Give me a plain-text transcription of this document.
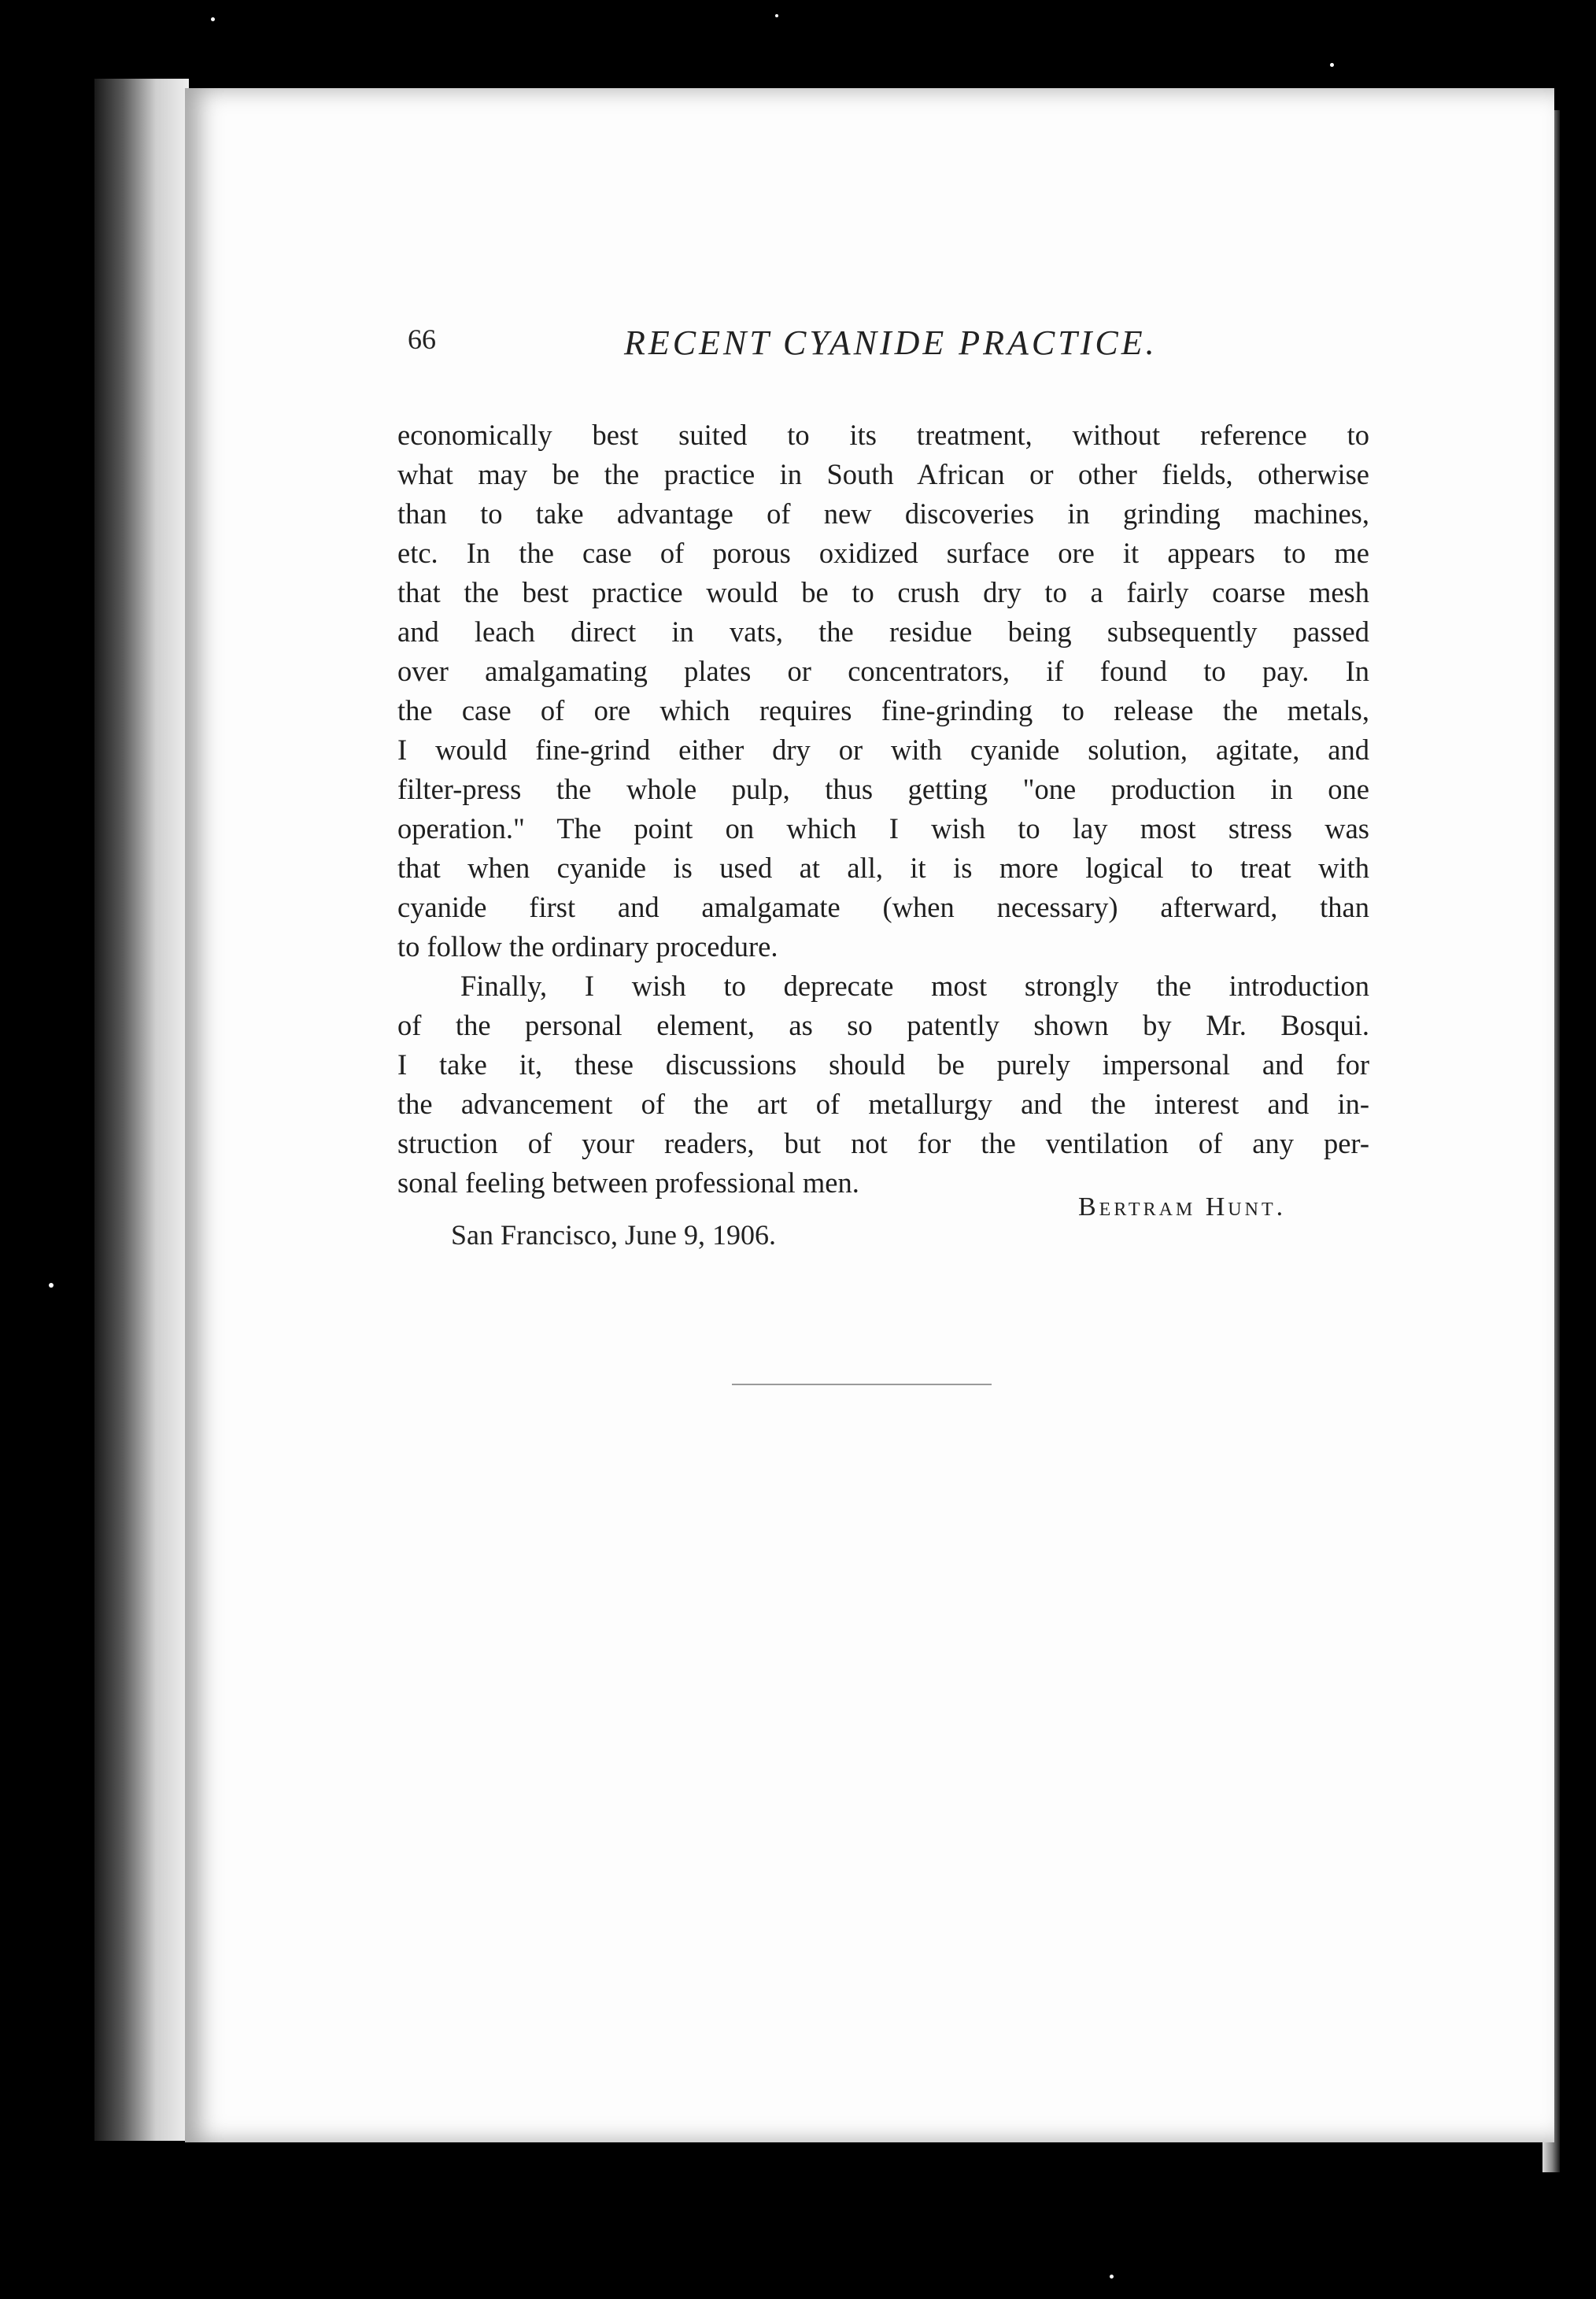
66	RECENT CYANIDE PRACTICE.
economically best suited to its treatment, without reference to
what may be the practice in South African or other fields, otherwise
than to take advantage of new discoveries in grinding machines,
etc. In the case of porous oxidized surface ore it appears to me
that the best practice would be to crush dry to a fairly coarse mesh
and leach direct in vats, the residue being subsequently passed
over amalgamating plates or concentrators, if found to pay. In
the case of ore which requires fine-grinding to release the metals,
I would fine-grind either dry or with cyanide solution, agitate, and
filter-press the whole pulp, thus getting "one production in one
operation." The point on which I wish to lay most stress was
that when cyanide is used at all, it is more logical to treat with
cyanide first and amalgamate (when necessary) afterward, than
to follow the ordinary procedure.
Finally, I wish to deprecate most strongly the introduction
of the personal element, as so patently shown by Mr. Bosqui.
I take it, these discussions should be purely impersonal and for
the advancement of the art of metallurgy and the interest and in-
struction of your readers, but not for the ventilation of any per-
sonal feeling between professional men.
Bertram Hunt.
San Francisco, June 9, 1906.
